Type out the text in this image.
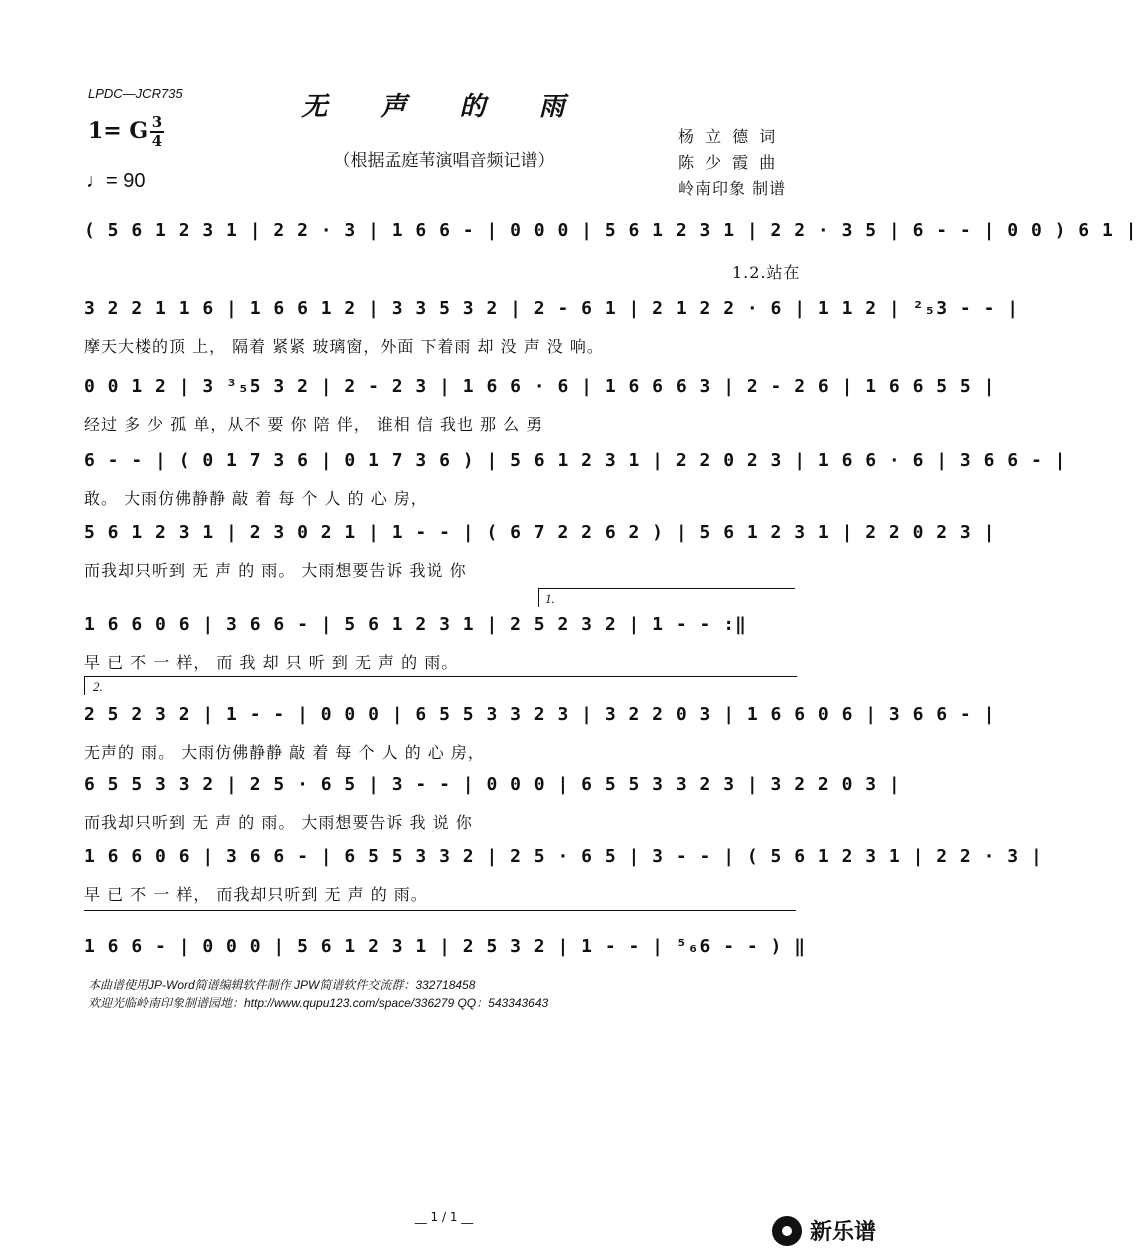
LPDC—JCR735	无 声 的 雨
（根据孟庭苇演唱音频记谱）
1= G 3
4
♩= 90
杨 立 德 词
陈 少 霞 曲
岭南印象 制谱
( 5 6 1 2 3 1 | 2 2 · 3 | 1 6 6 - | 0 0 0 | 5 6 1 2 3 1 | 2 2 · 3 5 | 6 - - | 0 0 ) 6 1 |
1.2.站在
3 2 2 1 1 6 | 1 6 6 1 2 | 3 3 5 3 2 | 2 - 6 1 | 2 1 2 2 · 6 | 1 1 2 | ²₅3 - - |
摩天大楼的顶 上， 隔着 紧紧 玻璃窗，外面 下着雨 却 没 声 没 响。
0 0 1 2 | 3 ³₅5 3 2 | 2 - 2 3 | 1 6 6 · 6 | 1 6 6 6 3 | 2 - 2 6 | 1 6 6 5 5 |
经过 多 少 孤 单，从不 要 你 陪 伴， 谁相 信 我也 那 么 勇
6 - - | ( 0 1 7 3 6 | 0 1 7 3 6 ) | 5 6 1 2 3 1 | 2 2 0 2 3 | 1 6 6 · 6 | 3 6 6 - |
敢。 大雨仿佛静静 敲 着 每 个 人 的 心 房，
5 6 1 2 3 1 | 2 3 0 2 1 | 1 - - | ( 6 7 2 2 6 2 ) | 5 6 1 2 3 1 | 2 2 0 2 3 |
而我却只听到 无 声 的 雨。 大雨想要告诉 我说 你
1.
1 6 6 0 6 | 3 6 6 - | 5 6 1 2 3 1 | 2 5 2 3 2 | 1 - - :‖
早 已 不 一 样， 而 我 却 只 听 到 无 声 的 雨。
2.
2 5 2 3 2 | 1 - - | 0 0 0 | 6 5 5 3 3 2 3 | 3 2 2 0 3 | 1 6 6 0 6 | 3 6 6 - |
无声的 雨。 大雨仿佛静静 敲 着 每 个 人 的 心 房，
6 5 5 3 3 2 | 2 5 · 6 5 | 3 - - | 0 0 0 | 6 5 5 3 3 2 3 | 3 2 2 0 3 |
而我却只听到 无 声 的 雨。 大雨想要告诉 我 说 你
1 6 6 0 6 | 3 6 6 - | 6 5 5 3 3 2 | 2 5 · 6 5 | 3 - - | ( 5 6 1 2 3 1 | 2 2 · 3 |
早 已 不 一 样， 而我却只听到 无 声 的 雨。
1 6 6 - | 0 0 0 | 5 6 1 2 3 1 | 2 5 3 2 | 1 - - | ⁵₆6 - - ) ‖
本曲谱使用JP-Word简谱编辑软件制作 JPW简谱软件交流群：332718458
欢迎光临岭南印象制谱园地：http://www.qupu123.com/space/336279 QQ：543343643
__ 1 / 1 __
新乐谱
